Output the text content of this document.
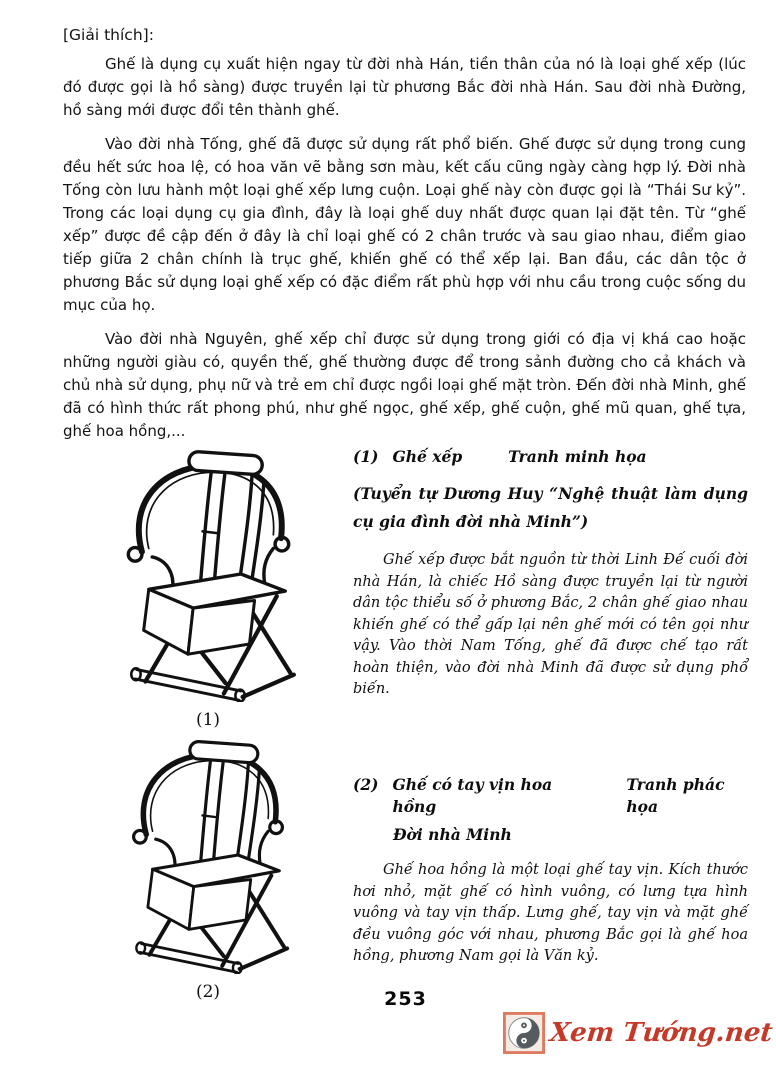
[Giải thích]:

Ghế là dụng cụ xuất hiện ngay từ đời nhà Hán, tiền thân của nó là loại ghế xếp (lúc đó được gọi là hồ sàng) được truyền lại từ phương Bắc đời nhà Hán. Sau đời nhà Đường, hồ sàng mới được đổi tên thành ghế.

Vào đời nhà Tống, ghế đã được sử dụng rất phổ biến. Ghế được sử dụng trong cung đều hết sức hoa lệ, có hoa văn vẽ bằng sơn màu, kết cấu cũng ngày càng hợp lý. Đời nhà Tống còn lưu hành một loại ghế xếp lưng cuộn. Loại ghế này còn được gọi là “Thái Sư kỷ”. Trong các loại dụng cụ gia đình, đây là loại ghế duy nhất được quan lại đặt tên. Từ “ghế xếp” được đề cập đến ở đây là chỉ loại ghế có 2 chân trước và sau giao nhau, điểm giao tiếp giữa 2 chân chính là trục ghế, khiến ghế có thể xếp lại. Ban đầu, các dân tộc ở phương Bắc sử dụng loại ghế xếp có đặc điểm rất phù hợp với nhu cầu trong cuộc sống du mục của họ.

Vào đời nhà Nguyên, ghế xếp chỉ được sử dụng trong giới có địa vị khá cao hoặc những người giàu có, quyền thế, ghế thường được để trong sảnh đường cho cả khách và chủ nhà sử dụng, phụ nữ và trẻ em chỉ được ngồi loại ghế mặt tròn. Đến đời nhà Minh, ghế đã có hình thức rất phong phú, như ghế ngọc, ghế xếp, ghế cuộn, ghế mũ quan, ghế tựa, ghế hoa hồng,...

(1)
(1) Ghế xếp	Tranh minh họa
(Tuyển tự Dương Huy “Nghệ thuật làm dụng cụ gia đình đời nhà Minh”)

Ghế xếp được bắt nguồn từ thời Linh Đế cuối đời nhà Hán, là chiếc Hồ sàng được truyền lại từ người dân tộc thiểu số ở phương Bắc, 2 chân ghế giao nhau khiến ghế có thể gấp lại nên ghế mới có tên gọi như vậy. Vào thời Nam Tống, ghế đã được chế tạo rất hoàn thiện, vào đời nhà Minh đã được sử dụng phổ biến.

(2)
(2) Ghế có tay vịn hoa hồng
Tranh phác họa
Đời nhà Minh

Ghế hoa hồng là một loại ghế tay vịn. Kích thước hơi nhỏ, mặt ghế có hình vuông, có lưng tựa hình vuông và tay vịn thấp. Lưng ghế, tay vịn và mặt ghế đều vuông góc với nhau, phương Bắc gọi là ghế hoa hồng, phương Nam gọi là Văn kỷ.

253
Xem Tướng.net
